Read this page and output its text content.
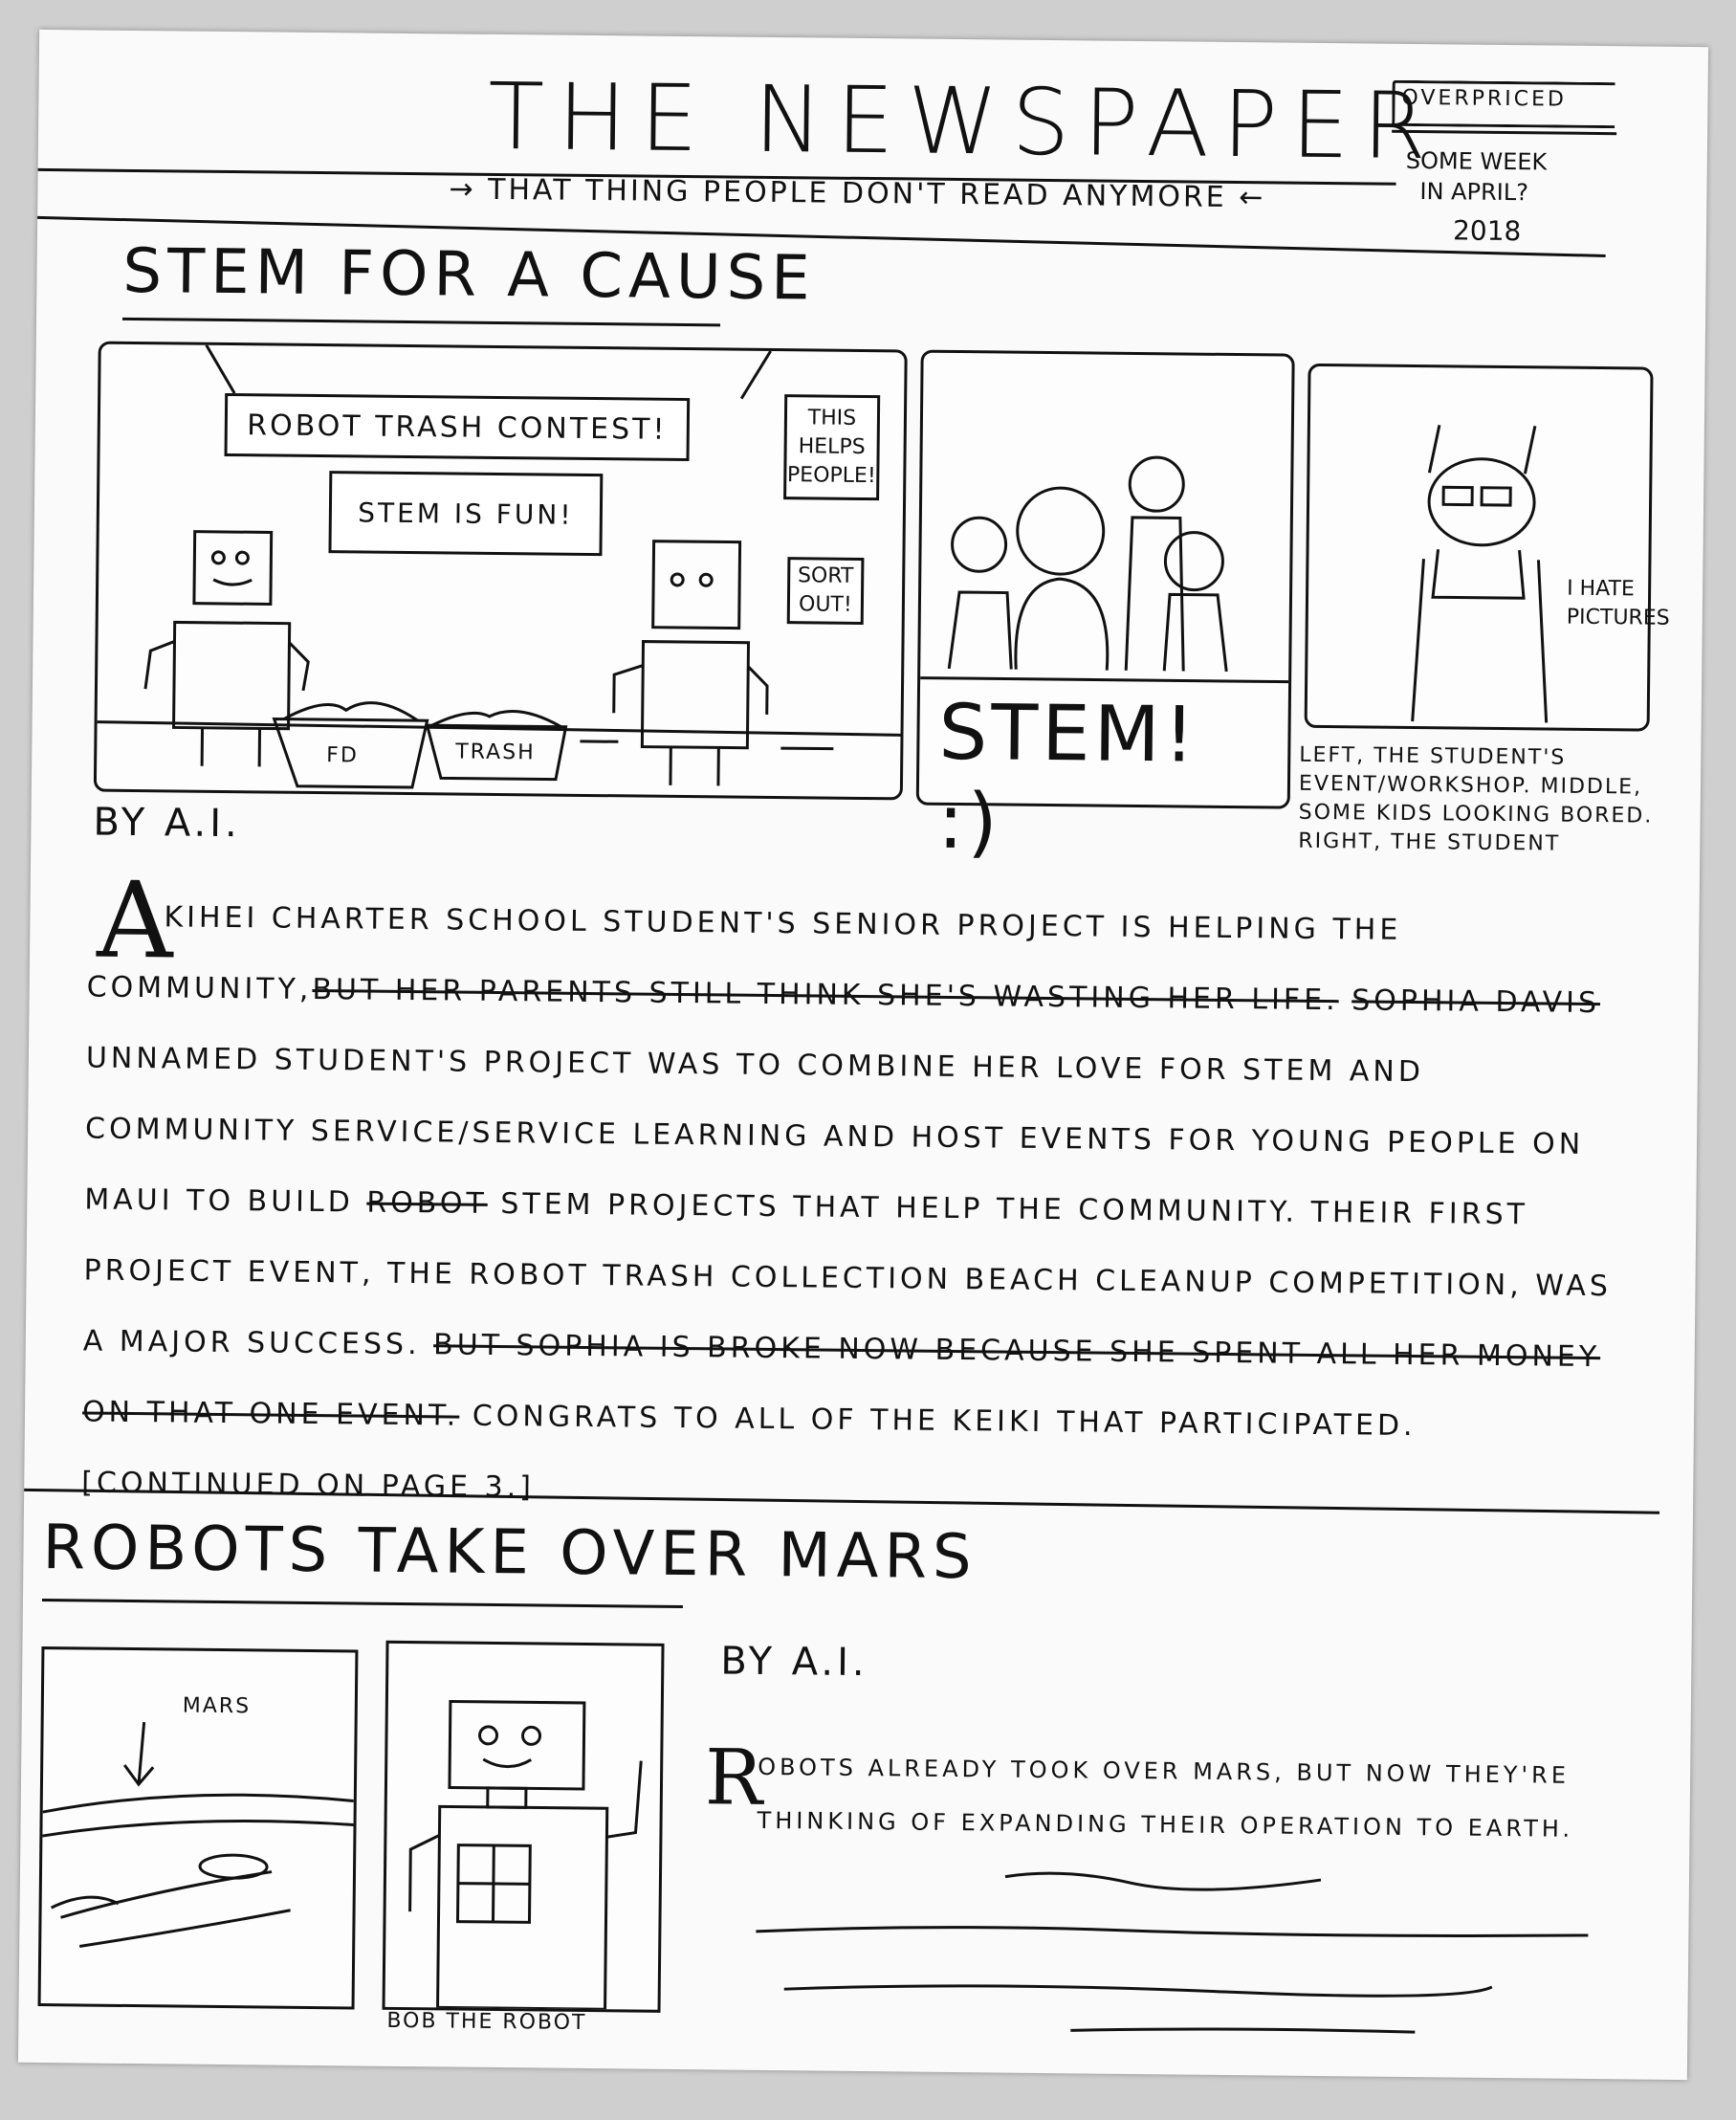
THE NEWSPAPER
→ THAT THING PEOPLE DON'T READ ANYMORE ←
OVERPRICED
SOME WEEK
IN APRIL?
2018
STEM FOR A CAUSE
ROBOT TRASH CONTEST!
STEM IS FUN!
THIS HELPS PEOPLE!
SORT OUT!
FD	TRASH	STEM! :)
I HATE PICTURES
LEFT, THE STUDENT'S EVENT/WORKSHOP. MIDDLE, SOME KIDS LOOKING BORED. RIGHT, THE STUDENT
BY A.I.
A
KIHEI CHARTER SCHOOL STUDENT'S SENIOR PROJECT IS HELPING THE COMMUNITY,BUT HER PARENTS STILL THINK SHE'S WASTING HER LIFE. SOPHIA DAVIS UNNAMED STUDENT'S PROJECT WAS TO COMBINE HER LOVE FOR STEM AND COMMUNITY SERVICE/SERVICE LEARNING AND HOST EVENTS FOR YOUNG PEOPLE ON MAUI TO BUILD ROBOT STEM PROJECTS THAT HELP THE COMMUNITY. THEIR FIRST PROJECT EVENT, THE ROBOT TRASH COLLECTION BEACH CLEANUP COMPETITION, WAS A MAJOR SUCCESS. BUT SOPHIA IS BROKE NOW BECAUSE SHE SPENT ALL HER MONEY ON THAT ONE EVENT. CONGRATS TO ALL OF THE KEIKI THAT PARTICIPATED. [CONTINUED ON PAGE 3.]
ROBOTS TAKE OVER MARS
BY A.I.
MARS
BOB THE ROBOT
R
OBOTS ALREADY TOOK OVER MARS, BUT NOW THEY'RE THINKING OF EXPANDING THEIR OPERATION TO EARTH.
